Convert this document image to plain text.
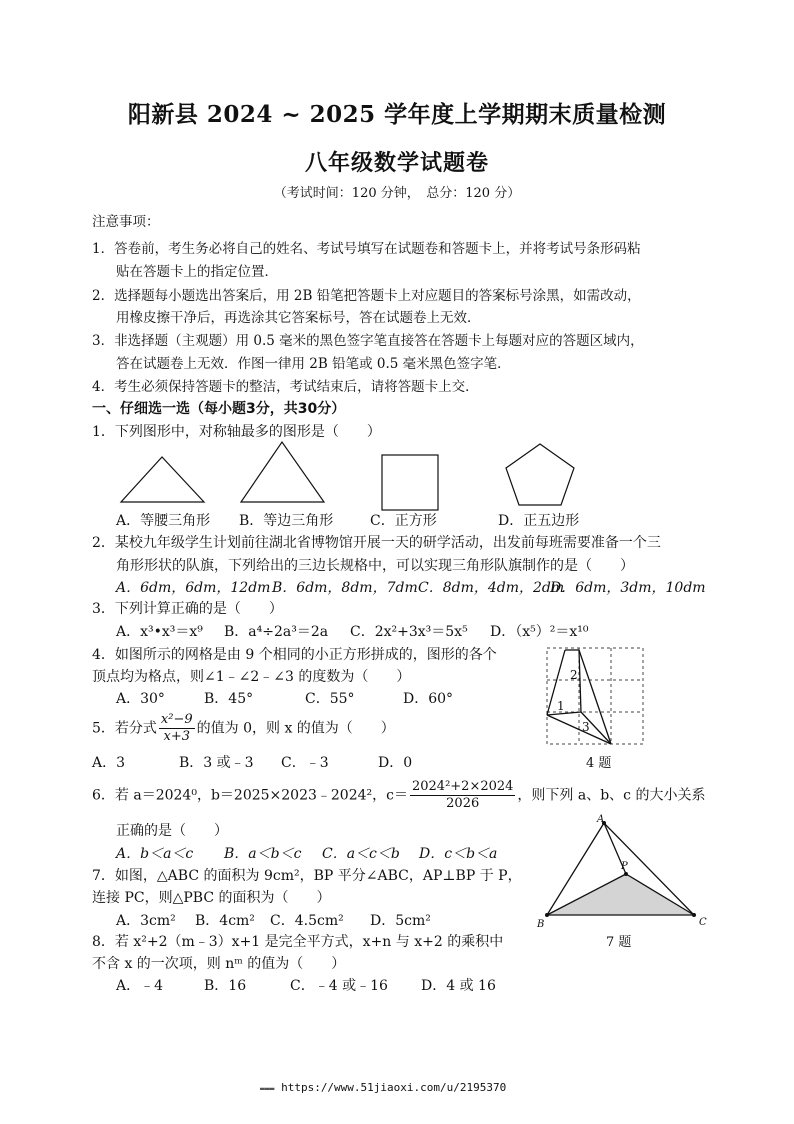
阳新县 2024 ~ 2025 学年度上学期期末质量检测
八年级数学试题卷
（考试时间：120 分钟，　总分：120 分）
注意事项：
1．答卷前，考生务必将自己的姓名、考试号填写在试题卷和答题卡上，并将考试号条形码粘
贴在答题卡上的指定位置．
2．选择题每小题选出答案后，用 2B 铅笔把答题卡上对应题目的答案标号涂黑，如需改动，
用橡皮擦干净后，再选涂其它答案标号，答在试题卷上无效．
3．非选择题（主观题）用 0.5 毫米的黑色签字笔直接答在答题卡上每题对应的答题区域内，
答在试题卷上无效．作图一律用 2B 铅笔或 0.5 毫米黑色签字笔．
4．考生必须保持答题卡的整洁，考试结束后，请将答题卡上交．
一、仔细选一选（每小题3分，共30分）
1．下列图形中，对称轴最多的图形是（　　）
A．等腰三角形 B．等边三角形	C．正方形	D．正五边形
2．某校九年级学生计划前往湖北省博物馆开展一天的研学活动，出发前每班需要准备一个三
角形形状的队旗，下列给出的三边长规格中，可以实现三角形队旗制作的是（　　）
A．6dm，6dm，12dm B．6dm，8dm，7dm C．8dm，4dm，2dm
D．6dm，3dm，10dm
3．下列计算正确的是（　　）
A．x³•x³＝x⁹ B．a⁴÷2a³＝2a C．2x²+3x³＝5x⁵ D．（x⁵）²＝x¹⁰
4．如图所示的网格是由 9 个相同的小正方形拼成的，图形的各个
顶点均为格点，则∠1﹣∠2﹣∠3 的度数为（　　）
A．30°	B．45°	C．55°	D．60°
2
1
3
4 题
5．若分式 $\frac{\text{x²−9}}{x+3}$ 的值为 0，则 x 的值为（　　）
A．3	B．3 或﹣3 C．﹣3	D．0
6．若 a＝2024⁰，b＝2025×2023﹣2024²，$c= \frac{\text{2024²+2×2024}}{2026}$ ，则下列 a、b、c 的大小关系
正确的是（　　）
A．b＜a＜c B．a＜b＜c C．a＜c＜b D．c＜b＜a
7．如图，△ABC 的面积为 9cm²，BP 平分∠ABC，AP⊥BP 于 P，
连接 PC，则△PBC 的面积为（　　）
A．3cm² B．4cm² C．4.5cm² D．5cm²
A
B	C
P
7 题
8．若 x²+2（m﹣3）x+1 是完全平方式，x+n 与 x+2 的乘积中
不含 x 的一次项，则 nᵐ 的值为（　　）
A．﹣4	B．16	C．﹣4 或﹣16 D．4 或 16
▬▬▬ https://www.51jiaoxi.com/u/2195370
